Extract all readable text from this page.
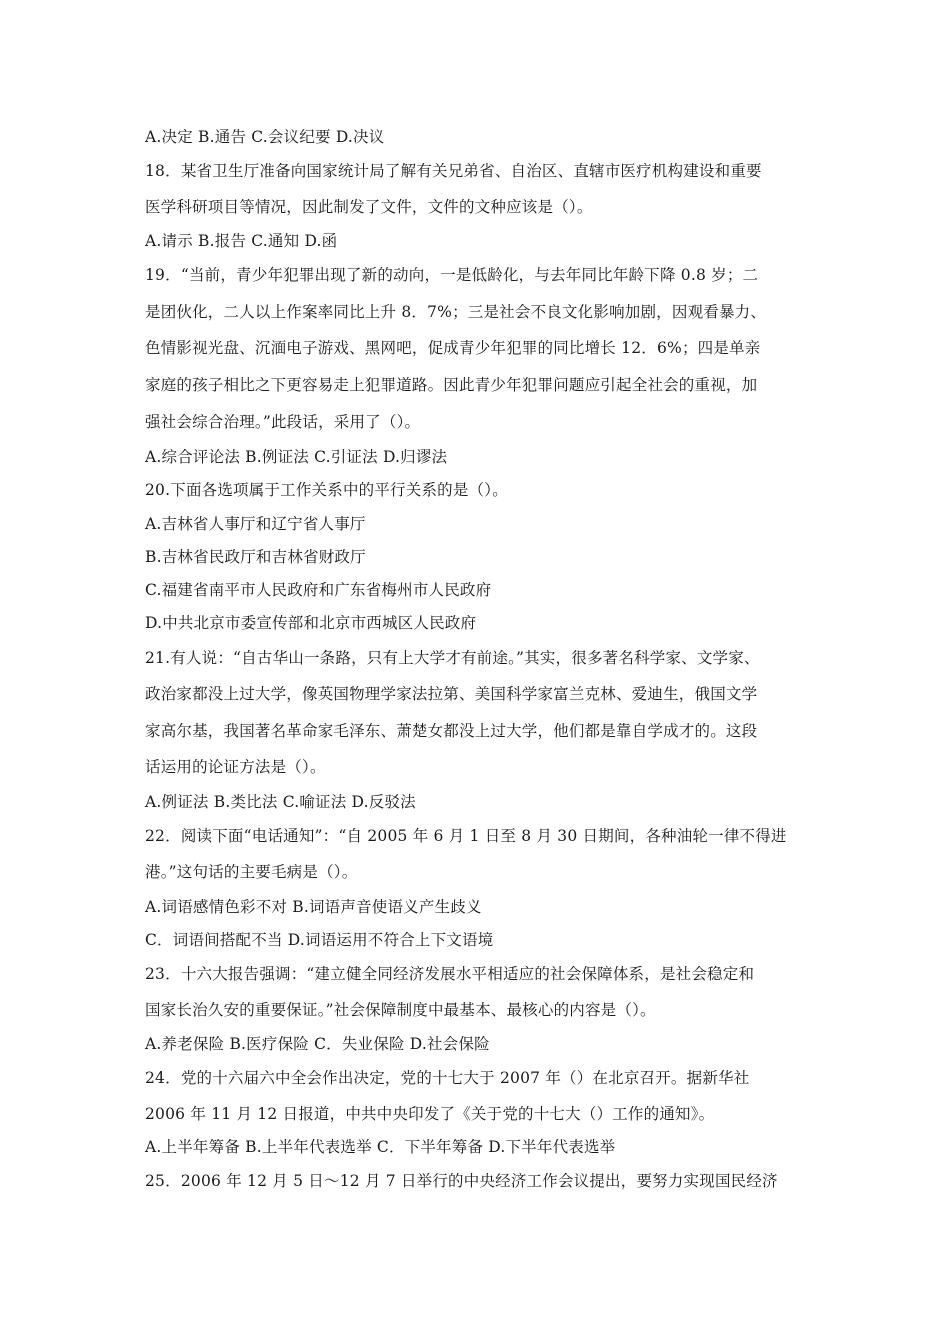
A.决定 B.通告 C.会议纪要 D.决议
18．某省卫生厅准备向国家统计局了解有关兄弟省、自治区、直辖市医疗机构建设和重要
医学科研项目等情况，因此制发了文件，文件的文种应该是（）。
A.请示 B.报告 C.通知 D.函
19．“当前，青少年犯罪出现了新的动向，一是低龄化，与去年同比年龄下降 0.8 岁；二
是团伙化，二人以上作案率同比上升 8．7%；三是社会不良文化影响加剧，因观看暴力、
色情影视光盘、沉湎电子游戏、黑网吧，促成青少年犯罪的同比增长 12．6%；四是单亲
家庭的孩子相比之下更容易走上犯罪道路。因此青少年犯罪问题应引起全社会的重视，加
强社会综合治理。”此段话，采用了（）。
A.综合评论法 B.例证法 C.引证法 D.归谬法
20.下面各选项属于工作关系中的平行关系的是（）。
A.吉林省人事厅和辽宁省人事厅
B.吉林省民政厅和吉林省财政厅
C.福建省南平市人民政府和广东省梅州市人民政府
D.中共北京市委宣传部和北京市西城区人民政府
21.有人说：“自古华山一条路，只有上大学才有前途。”其实，很多著名科学家、文学家、
政治家都没上过大学，像英国物理学家法拉第、美国科学家富兰克林、爱迪生，俄国文学
家高尔基，我国著名革命家毛泽东、萧楚女都没上过大学，他们都是靠自学成才的。这段
话运用的论证方法是（）。
A.例证法 B.类比法 C.喻证法 D.反驳法
22．阅读下面“电话通知”：“自 2005 年 6 月 1 日至 8 月 30 日期间，各种油轮一律不得进
港。”这句话的主要毛病是（）。
A.词语感情色彩不对 B.词语声音使语义产生歧义
C．词语间搭配不当 D.词语运用不符合上下文语境
23．十六大报告强调：“建立健全同经济发展水平相适应的社会保障体系，是社会稳定和
国家长治久安的重要保证。”社会保障制度中最基本、最核心的内容是（）。
A.养老保险 B.医疗保险 C．失业保险 D.社会保险
24．党的十六届六中全会作出决定，党的十七大于 2007 年（）在北京召开。据新华社
2006 年 11 月 12 日报道，中共中央印发了《关于党的十七大（）工作的通知》。
A.上半年筹备 B.上半年代表选举 C．下半年筹备 D.下半年代表选举
25．2006 年 12 月 5 日～12 月 7 日举行的中央经济工作会议提出，要努力实现国民经济
